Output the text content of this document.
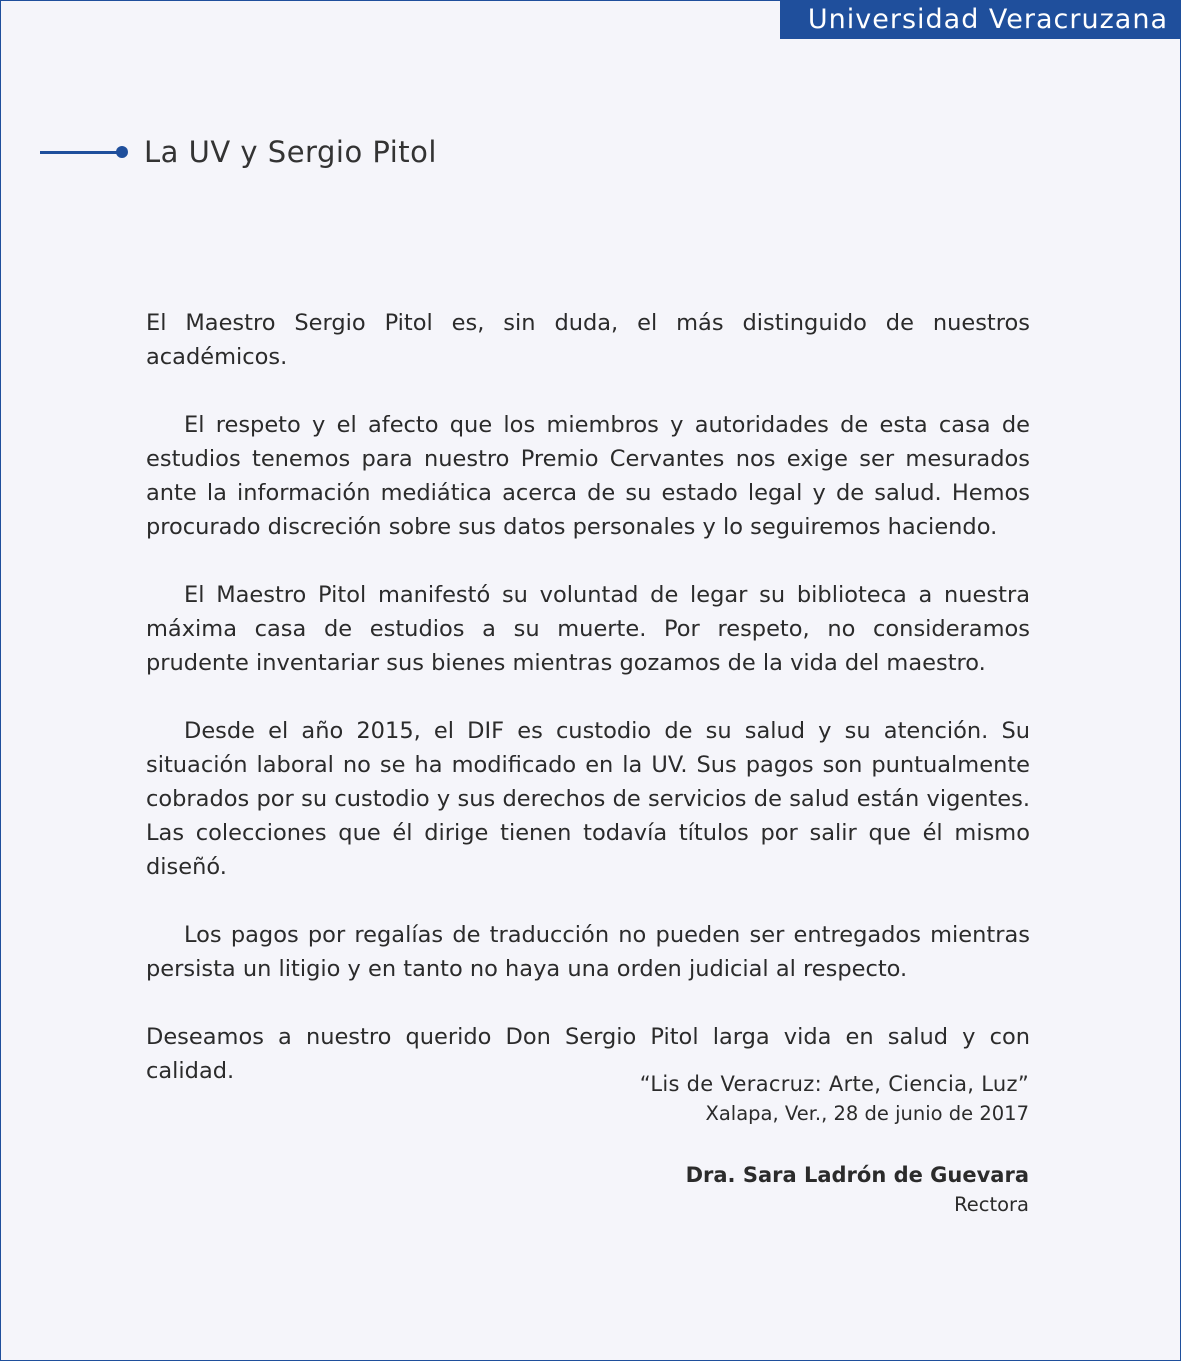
Universidad Veracruzana
La UV y Sergio Pitol

El Maestro Sergio Pitol es, sin duda, el más distinguido de nuestros académicos.

El respeto y el afecto que los miembros y autoridades de esta casa de estudios tenemos para nuestro Premio Cervantes nos exige ser mesurados ante la información mediática acerca de su estado legal y de salud. Hemos procurado discreción sobre sus datos personales y lo seguiremos haciendo.

El Maestro Pitol manifestó su voluntad de legar su biblioteca a nuestra máxima casa de estudios a su muerte. Por respeto, no consideramos prudente inventariar sus bienes mientras gozamos de la vida del maestro.

Desde el año 2015, el DIF es custodio de su salud y su atención. Su situación laboral no se ha modificado en la UV. Sus pagos son puntualmente cobrados por su custodio y sus derechos de servicios de salud están vigentes. Las colecciones que él dirige tienen todavía títulos por salir que él mismo diseñó.

Los pagos por regalías de traducción no pueden ser entregados mientras persista un litigio y en tanto no haya una orden judicial al respecto.

Deseamos a nuestro querido Don Sergio Pitol larga vida en salud y con calidad.	“Lis de Veracruz: Arte, Ciencia, Luz”
Xalapa, Ver., 28 de junio de 2017
Dra. Sara Ladrón de Guevara
Rectora
